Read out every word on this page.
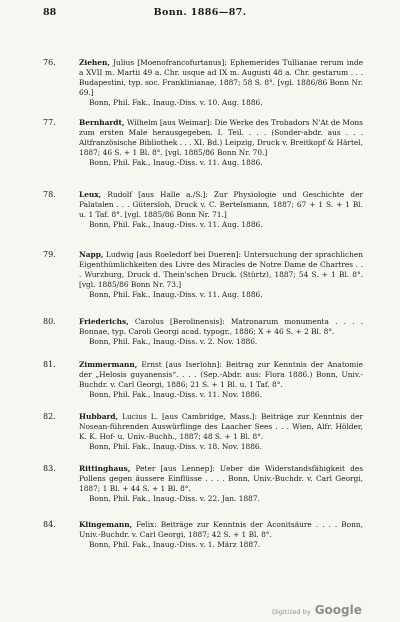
88	Bonn. 1886—87.
76.	Ziehen, Julius [Moenofrancofurtanus]: Ephemerides Tullianae rerum inde a XVII m. Martii 49 a. Chr. usque ad IX m. Augusti 48 a. Chr. gestarum . . . Budapestini, typ. soc. Franklinianae, 1887; 58 S. 8°. [vgl. 1886/86 Bonn Nr. 69.]
Bonn, Phil. Fak., Inaug.-Diss. v. 10. Aug. 1886.
77.	Bernhardt, Wilhelm [aus Weimar]: Die Werke des Trobadors N'At de Mons zum ersten Male herausgegeben. I. Teil. . . . (Sonder-abdr. aus . . . Altfranzösische Bibliothek . . . XI. Bd.) Leipzig, Druck v. Breitkopf & Härtel, 1887; 46 S. + 1 Bl. 8°. [vgl. 1885/86 Bonn Nr. 70.]
Bonn, Phil. Fak., Inaug.-Diss. v. 11. Aug. 1886.
78.	Leux, Rudolf [aus Halle a./S.]: Zur Physiologie und Geschichte der Palatalen . . . Gütersloh, Druck v. C. Bertelsmann, 1887; 67 + 1 S. + 1 Bl. u. 1 Taf. 8°. [vgl. 1885/86 Bonn Nr. 71.]
Bonn, Phil. Fak., Inaug.-Diss. v. 11. Aug. 1886.
79.	Napp, Ludwig [aus Roeledorf bei Dueren]: Untersuchung der sprachlichen Eigenthümlichkeiten des Livre des Miracles de Notre Dame de Chartres . . . Wurzburg, Druck d. Thein'schen Druck. (Stürtz), 1887; 54 S. + 1 Bl. 8°. [vgl. 1885/86 Bonn Nr. 73.]
Bonn, Phil. Fak., Inaug.-Diss. v. 11. Aug. 1886.
80.	Friederichs, Carolus [Berolinensis]: Matronarum monumenta . . . . Bonnae, typ. Caroli Georgi acad. typogr., 1886; X + 46 S. + 2 Bl. 8°.
Bonn, Phil. Fak., Inaug.-Diss. v. 2. Nov. 1886.
81.	Zimmermann, Ernst [aus Iserlohn]: Beitrag zur Kenntnis der Anatomie der „Helosis guyanensis“. . . . (Sep.-Abdr. aus: Flora 1886.) Bonn, Univ.-Buchdr. v. Carl Georgi, 1886; 21 S. + 1 Bl. u. 1 Taf. 8°.
Bonn, Phil. Fak., Inaug.-Diss. v. 11. Nov. 1886.
82.	Hubbard, Lucius L. [aus Cambridge, Mass.]: Beiträge zur Kenntnis der Nosean-führenden Auswürflinge des Laacher Sees . . . Wien, Alfr. Hölder, K. K. Hof- u. Univ.-Buchh., 1887; 48 S. + 1 Bl. 8°.
Bonn, Phil. Fak., Inaug.-Diss. v. 18. Nov. 1886.
83.	Rittinghaus, Peter [aus Lennep]: Ueber die Widerstandsfähigkeit des Pollens gegen äussere Einflüsse . . . . Bonn, Univ.-Buchdr. v. Carl Georgi, 1887; 1 Bl. + 44 S. + 1 Bl. 8°.
Bonn, Phil. Fak., Inaug.-Diss. v. 22. Jan. 1887.
84.	Klingemann, Felix: Beiträge zur Kenntnis der Aconitsäure . . . . Bonn, Univ.-Buchdr. v. Carl Georgi, 1887; 42 S. + 1 Bl. 8°.
Bonn, Phil. Fak., Inaug.-Diss. v. 1. März 1887.
Digitized by Google
